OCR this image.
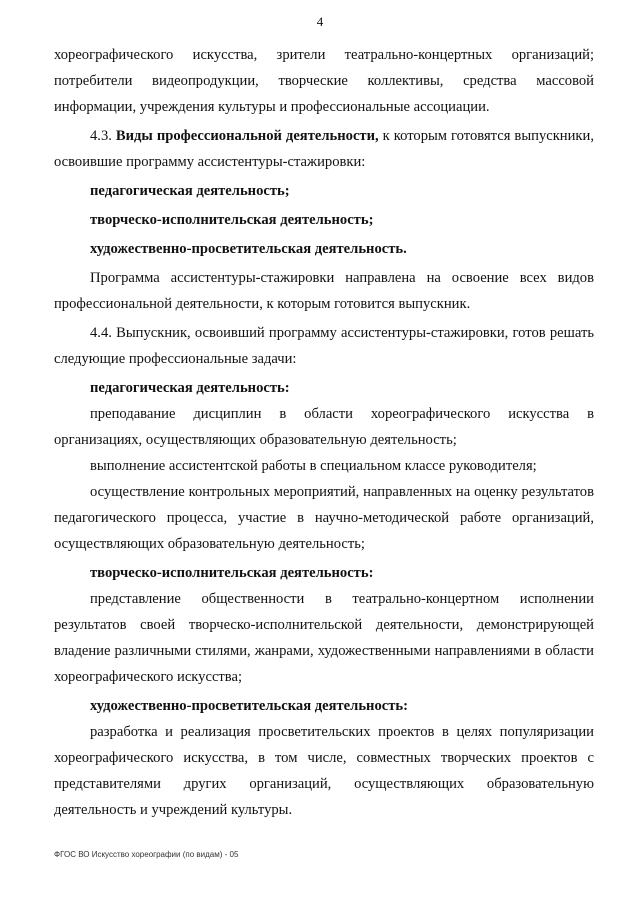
4

хореографического искусства, зрители театрально-концертных организаций; потребители видеопродукции, творческие коллективы, средства массовой информации, учреждения культуры и профессиональные ассоциации.

4.3. Виды профессиональной деятельности, к которым готовятся выпускники, освоившие программу ассистентуры-стажировки:

педагогическая деятельность;

творческо-исполнительская деятельность;

художественно-просветительская деятельность.

Программа ассистентуры-стажировки направлена на освоение всех видов профессиональной деятельности, к которым готовится выпускник.

4.4. Выпускник, освоивший программу ассистентуры-стажировки, готов решать следующие профессиональные задачи:

педагогическая деятельность:

преподавание дисциплин в области хореографического искусства в организациях, осуществляющих образовательную деятельность;

выполнение ассистентской работы в специальном классе руководителя;

осуществление контрольных мероприятий, направленных на оценку результатов педагогического процесса, участие в научно-методической работе организаций, осуществляющих образовательную деятельность;

творческо-исполнительская деятельность:

представление общественности в театрально-концертном исполнении результатов своей творческо-исполнительской деятельности, демонстрирующей владение различными стилями, жанрами, художественными направлениями в области хореографического искусства;

художественно-просветительская деятельность:

разработка и реализация просветительских проектов в целях популяризации хореографического искусства, в том числе, совместных творческих проектов с представителями других организаций, осуществляющих образовательную деятельность и учреждений культуры.

ФГОС ВО Искусство хореографии (по видам) - 05
